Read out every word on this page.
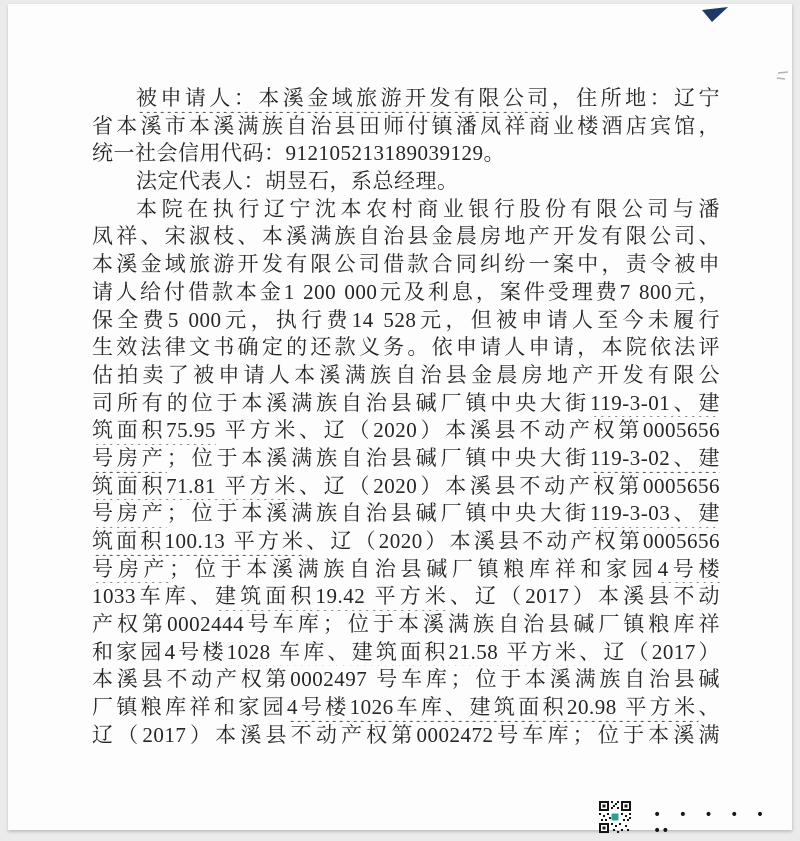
被申请人：本溪金域旅游开发有限公司，住所地：辽宁
省本溪市本溪满族自治县田师付镇潘凤祥商业楼酒店宾馆，
统一社会信用代码：912105213189039129。
法定代表人：胡昱石，系总经理。
本院在执行辽宁沈本农村商业银行股份有限公司与潘
凤祥、宋淑枝、本溪满族自治县金晨房地产开发有限公司、
本溪金域旅游开发有限公司借款合同纠纷一案中，责令被申
请人给付借款本金1 200 000元及利息，案件受理费7 800元，
保全费5 000元，执行费14 528元，但被申请人至今未履行
生效法律文书确定的还款义务。依申请人申请，本院依法评
估拍卖了被申请人本溪满族自治县金晨房地产开发有限公
司所有的位于本溪满族自治县碱厂镇中央大街119-3-01、建
筑面积75.95 平方米、辽（2020）本溪县不动产权第0005656
号房产；位于本溪满族自治县碱厂镇中央大街119-3-02、建
筑面积71.81 平方米、辽（2020）本溪县不动产权第0005656
号房产；位于本溪满族自治县碱厂镇中央大街119-3-03、建
筑面积100.13 平方米、辽（2020）本溪县不动产权第0005656
号房产；位于本溪满族自治县碱厂镇粮库祥和家园4号楼
1033车库、建筑面积19.42 平方米、辽（2017）本溪县不动
产权第0002444号车库；位于本溪满族自治县碱厂镇粮库祥
和家园4号楼1028 车库、建筑面积21.58 平方米、辽（2017）
本溪县不动产权第0002497 号车库；位于本溪满族自治县碱
厂镇粮库祥和家园4号楼1026车库、建筑面积20.98 平方米、
辽（2017）本溪县不动产权第0002472号车库；位于本溪满
• • • • • ••
